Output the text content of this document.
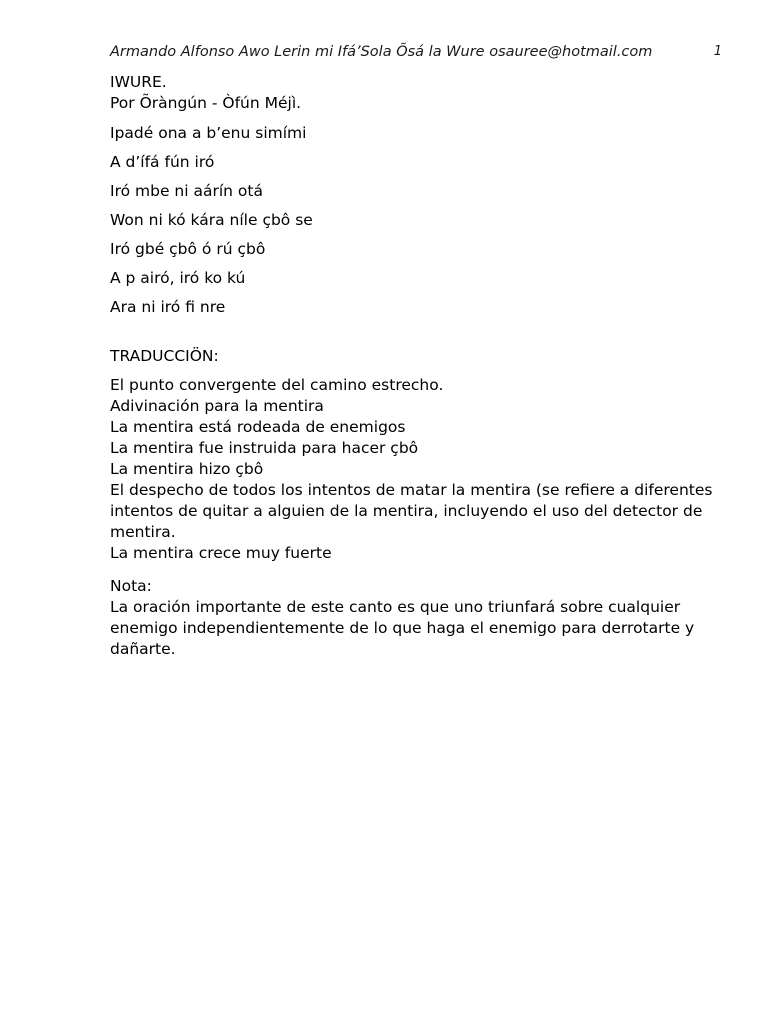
Armando Alfonso Awo Lerin mi Ifá’Sola Õsá la Wure osauree@hotmail.com	1

IWURE.

Por Õràngún - Òfún Méjì.

Ipadé ona a b’enu simími

A d’ífá fún iró

Iró mbe ni aárín otá

Won ni kó kára níle çbô se

Iró gbé çbô ó rú çbô

A p airó, iró ko kú

Ara ni iró fi nre

TRADUCCIÖN:

El punto convergente del camino estrecho.

Adivinación para la mentira

La mentira está rodeada de enemigos

La mentira fue instruida para hacer çbô

La mentira hizo çbô

El despecho de todos los intentos de matar la mentira (se refiere a diferentes intentos de quitar a alguien de la mentira, incluyendo el uso del detector de mentira.

La mentira crece muy fuerte

Nota:

La oración importante de este canto es que uno triunfará sobre cualquier enemigo independientemente de lo que haga el enemigo para derrotarte y dañarte.
